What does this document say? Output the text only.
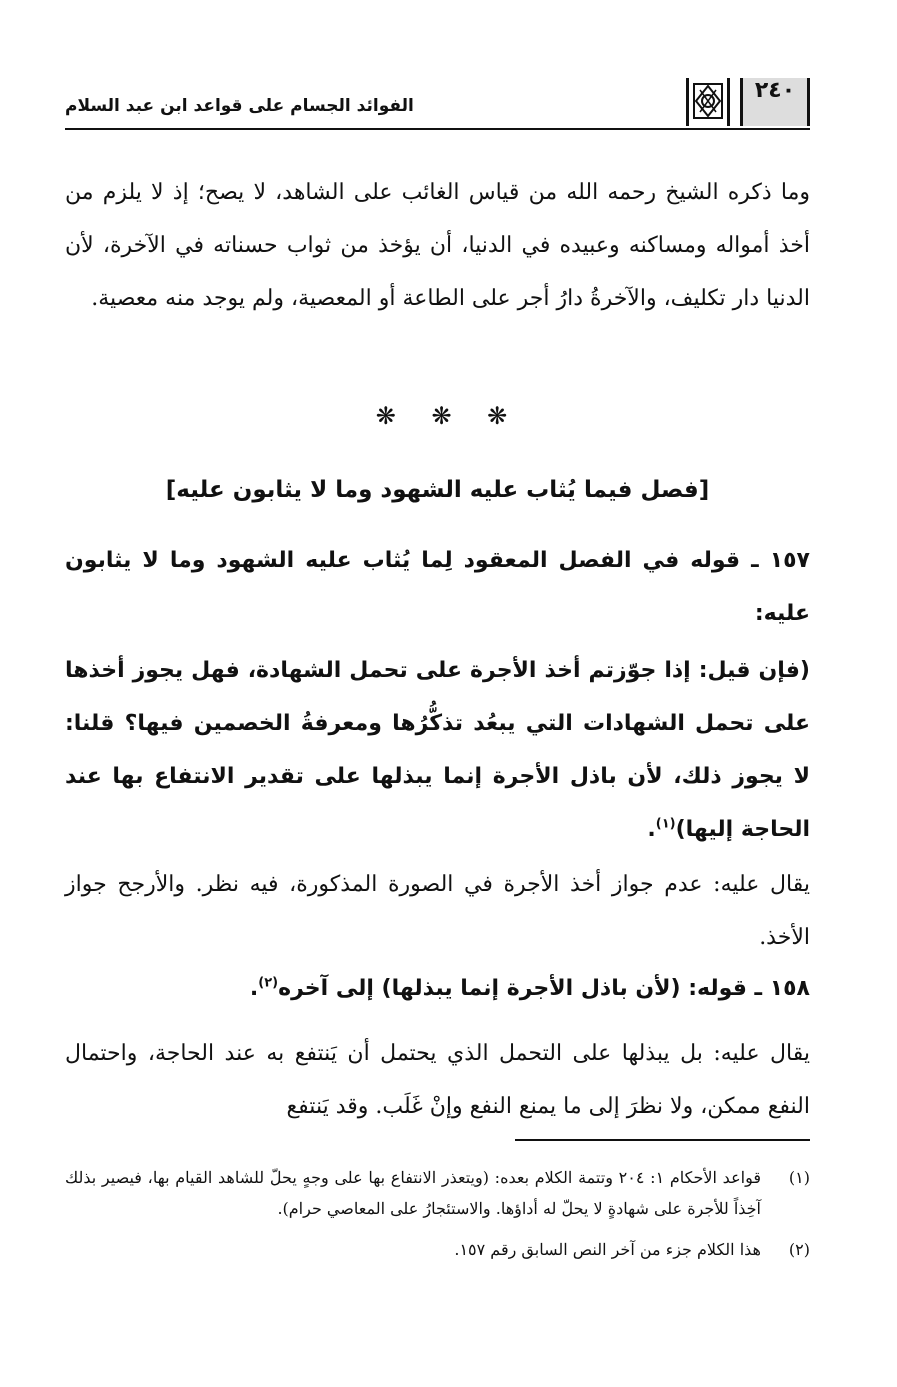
الفوائد الجسام على قواعد ابن عبد السلام
٢٤٠
وما ذكره الشيخ رحمه الله من قياس الغائب على الشاهد، لا يصح؛ إذ لا يلزم من أخذ أمواله ومساكنه وعبيده في الدنيا، أن يؤخذ من ثواب حسناته في الآخرة، لأن الدنيا دار تكليف، والآخرةُ دارُ أجر على الطاعة أو المعصية، ولم يوجد منه معصية.
❋ ❋ ❋
[فصل فيما يُثاب عليه الشهود وما لا يثابون عليه]
١٥٧ ـ قوله في الفصل المعقود لِما يُثاب عليه الشهود وما لا يثابون عليه:
(فإن قيل: إذا جوّزتم أخذ الأجرة على تحمل الشهادة، فهل يجوز أخذها على تحمل الشهادات التي يبعُد تذكُّرُها ومعرفةُ الخصمين فيها؟ قلنا: لا يجوز ذلك، لأن باذل الأجرة إنما يبذلها على تقدير الانتفاع بها عند الحاجة إليها)$^{(١)}$.
يقال عليه: عدم جواز أخذ الأجرة في الصورة المذكورة، فيه نظر. والأرجح جواز الأخذ.
١٥٨ ـ قوله: (لأن باذل الأجرة إنما يبذلها) إلى آخره$^{(٢)}$.
يقال عليه: بل يبذلها على التحمل الذي يحتمل أن يَنتفع به عند الحاجة، واحتمال النفع ممكن، ولا نظرَ إلى ما يمنع النفع وإنْ غَلَب. وقد يَنتفع
(١)
قواعد الأحكام ١: ٢٠٤ وتتمة الكلام بعده: (ويتعذر الانتفاع بها على وجهٍ يحلّ للشاهد القيام بها، فيصير بذلك آخِذاً للأجرة على شهادةٍ لا يحلّ له أداؤها. والاستئجارُ على المعاصي حرام).
(٢)
هذا الكلام جزء من آخر النص السابق رقم ١٥٧.
